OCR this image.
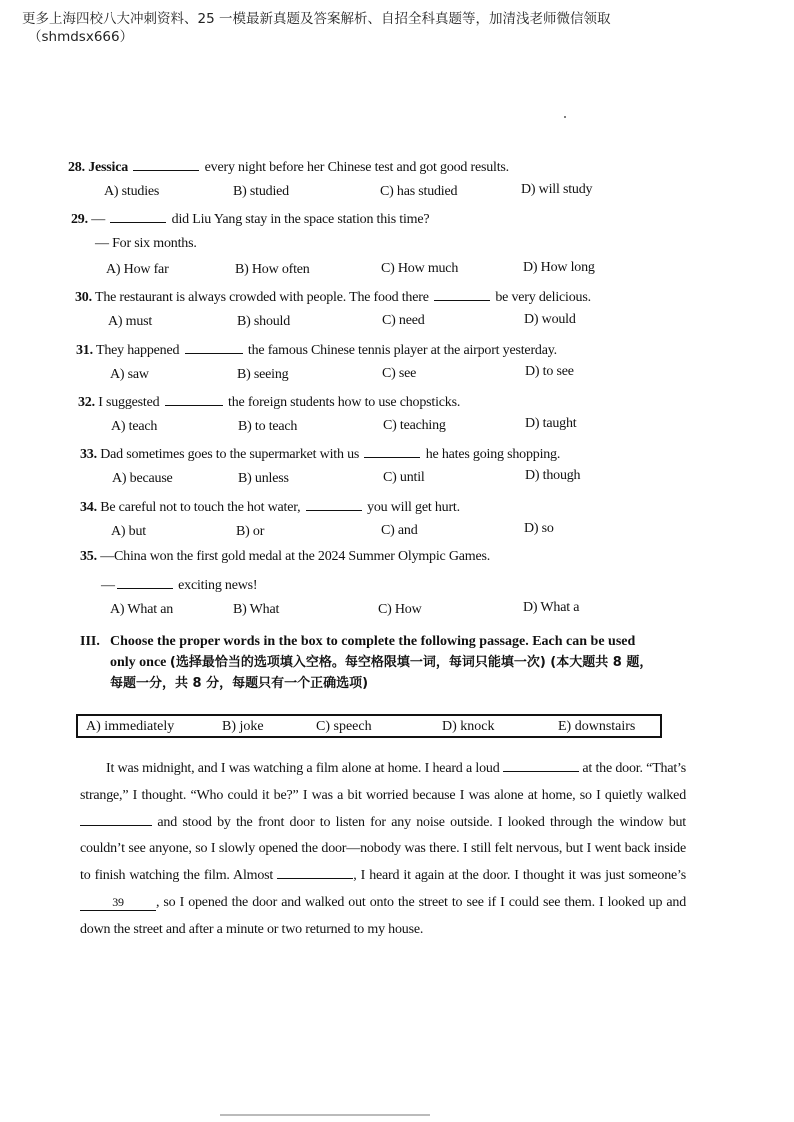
更多上海四校八大冲刺资料、25 一模最新真题及答案解析、自招全科真题等，加清浅老师微信领取
（shmdsx666）
28. Jessica	every night before her Chinese test and got good results.
A) studies	B) studied	C) has studied	D) will study
29. —	did Liu Yang stay in the space station this time?
— For six months.
A) How far	B) How often	C) How much	D) How long
30. The restaurant is always crowded with people. The food there	be very delicious.
A) must	B) should	C) need	D) would
31. They happened	the famous Chinese tennis player at the airport yesterday.
A) saw	B) seeing	C) see	D) to see
32. I suggested	the foreign students how to use chopsticks.
A) teach	B) to teach	C) teaching	D) taught
33. Dad sometimes goes to the supermarket with us	he hates going shopping.
A) because	B) unless	C) until	D) though
34. Be careful not to touch the hot water,	you will get hurt.
A) but	B) or	C) and	D) so
35. —China won the first gold medal at the 2024 Summer Olympic Games.
—	exciting news!
A) What an	B) What	C) How	D) What a
III. Choose the proper words in the box to complete the following passage. Each can be used
only once (选择最恰当的选项填入空格。每空格限填一词，每词只能填一次) (本大题共 8 题，
每题一分，共 8 分，每题只有一个正确选项)
A) immediately	B) joke	C) speech	D) knock	E) downstairs
It was midnight, and I was watching a film alone at home. I heard a loud	at the door. “That’s strange,” I thought. “Who could it be?” I was a bit worried because I was alone at home, so I quietly walked  and stood by the front door to listen for any noise outside. I looked through the window but couldn’t see anyone, so I slowly opened the door—nobody was there. I still felt nervous, but I went back inside to finish watching the film. Almost	, I heard it again at the door. I thought it was just someone’s 39 , so I opened the door and walked out onto the street to see if I could see them. I looked up and down the street and after a minute or two returned to my house.
